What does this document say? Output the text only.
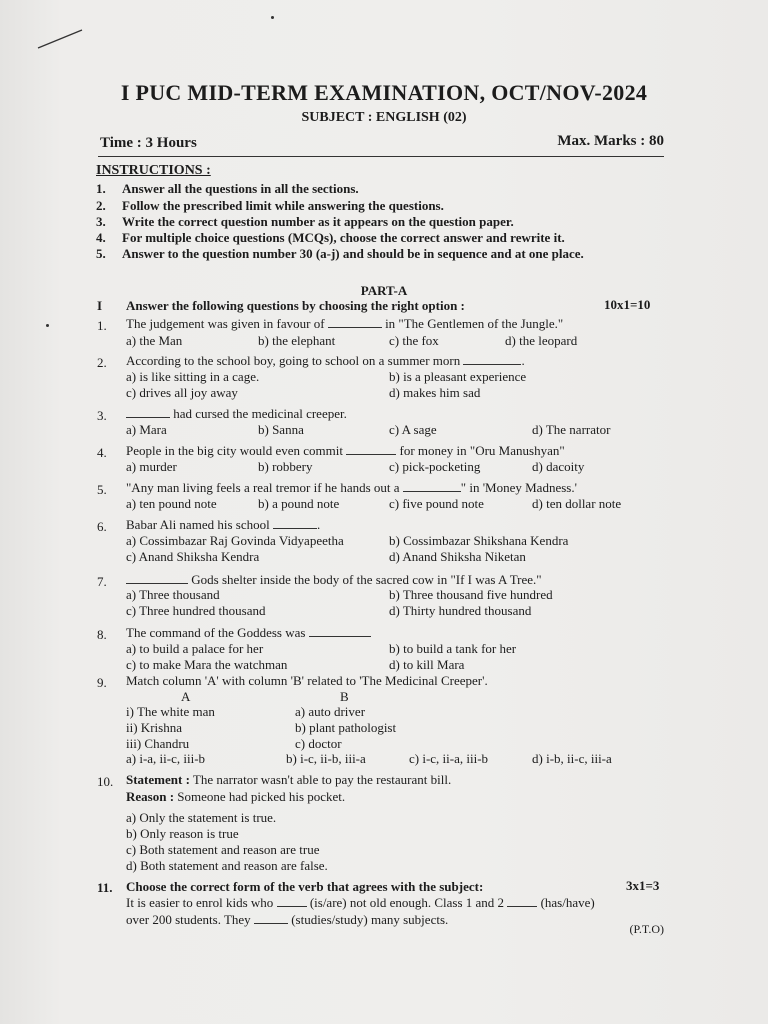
I PUC MID-TERM EXAMINATION, OCT/NOV-2024
SUBJECT : ENGLISH (02)
Time : 3 Hours	Max. Marks : 80
INSTRUCTIONS :
1. Answer all the questions in all the sections.
2. Follow the prescribed limit while answering the questions.
3. Write the correct question number as it appears on the question paper.
4. For multiple choice questions (MCQs), choose the correct answer and rewrite it.
5. Answer to the question number 30 (a-j) and should be in sequence and at one place.
PART-A
I Answer the following questions by choosing the right option :	10x1=10
1. The judgement was given in favour of	in "The Gentlemen of the Jungle."
a) the Man	b) the elephant	c) the fox	d) the leopard
2. According to the school boy, going to school on a summer morn	.
a) is like sitting in a cage.	b) is a pleasant experience
c) drives all joy away	d) makes him sad
3.	had cursed the medicinal creeper.
a) Mara	b) Sanna	c) A sage	d) The narrator
4. People in the big city would even commit	for money in "Oru Manushyan"
a) murder	b) robbery	c) pick-pocketing	d) dacoity
5. "Any man living feels a real tremor if he hands out a	" in 'Money Madness.'
a) ten pound note	b) a pound note	c) five pound note	d) ten dollar note
6. Babar Ali named his school	.
a) Cossimbazar Raj Govinda Vidyapeetha	b) Cossimbazar Shikshana Kendra
c) Anand Shiksha Kendra	d) Anand Shiksha Niketan
7.	Gods shelter inside the body of the sacred cow in "If I was A Tree."
a) Three thousand	b) Three thousand five hundred
c) Three hundred thousand	d) Thirty hundred thousand
8. The command of the Goddess was
a) to build a palace for her	b) to build a tank for her
c) to make Mara the watchman	d) to kill Mara
9. Match column 'A' with column 'B' related to 'The Medicinal Creeper'.
A	B
i) The white man	a) auto driver
ii) Krishna	b) plant pathologist
iii) Chandru	c) doctor
a) i-a, ii-c, iii-b	b) i-c, ii-b, iii-a	c) i-c, ii-a, iii-b	d) i-b, ii-c, iii-a
10. Statement : The narrator wasn't able to pay the restaurant bill.
Reason : Someone had picked his pocket.
a) Only the statement is true.
b) Only reason is true
c) Both statement and reason are true
d) Both statement and reason are false.
11. Choose the correct form of the verb that agrees with the subject:	3x1=3
It is easier to enrol kids who	(is/are) not old enough. Class 1 and 2	(has/have)
over 200 students. They	(studies/study) many subjects.
(P.T.O)
